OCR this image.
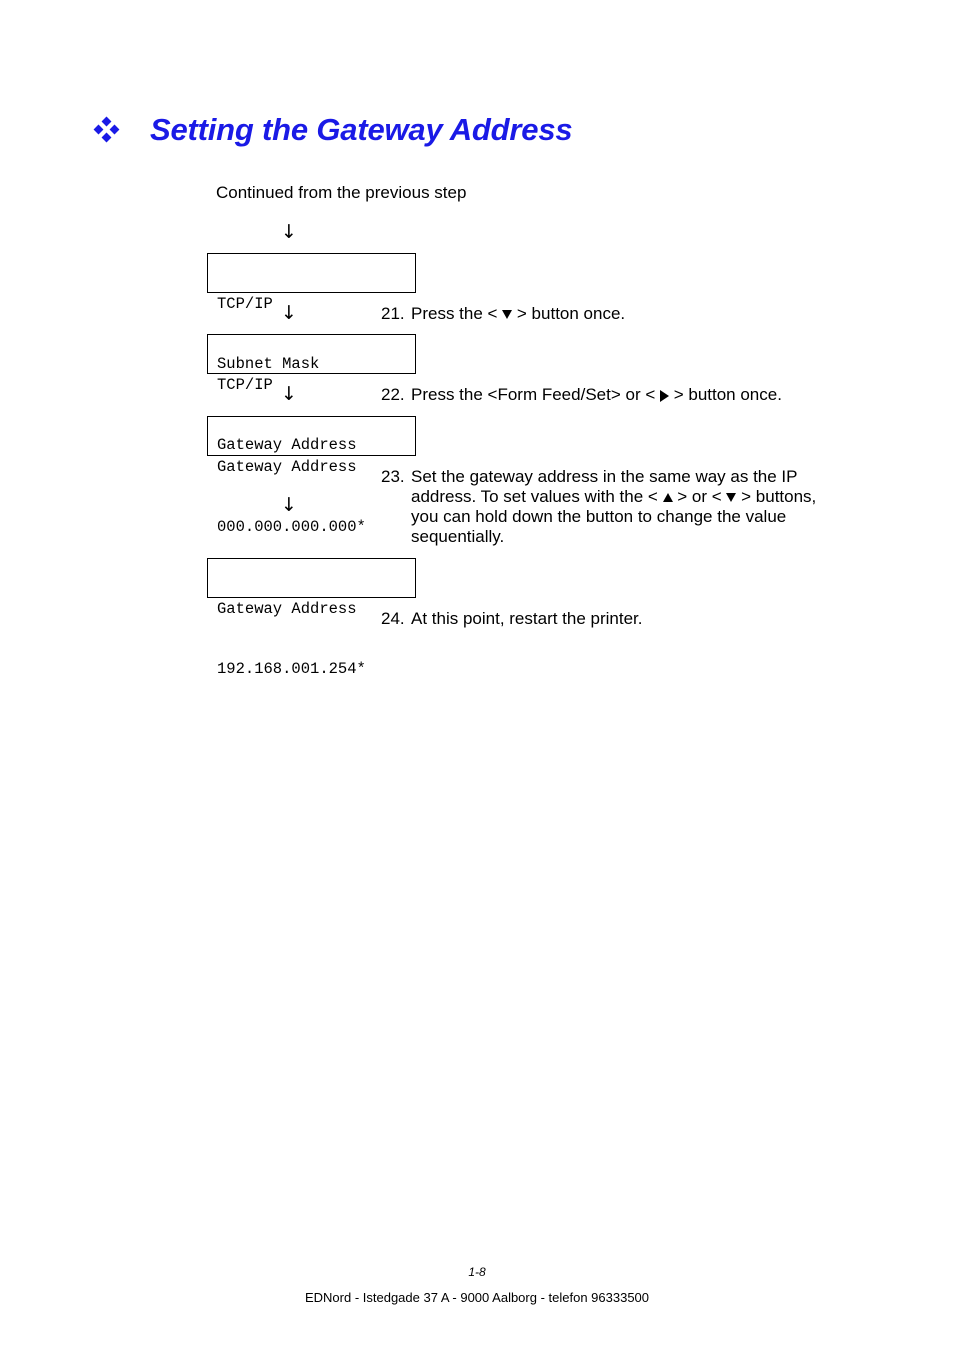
Setting the Gateway Address
Continued from the previous step
↓

TCP/IP

Subnet Mask

↓	21. Press the <  > button once.

TCP/IP

Gateway Address

↓	22. Press the <Form Feed/Set> or <  > button once.

Gateway Address

000.000.000.000*

23. Set the gateway address in the same way as the IP
address. To set values with the <  > or <  > buttons,
you can hold down the button to change the value
sequentially.
↓

Gateway Address

192.168.001.254*

24. At this point, restart the printer.
1-8
EDNord - Istedgade 37 A - 9000 Aalborg - telefon 96333500
